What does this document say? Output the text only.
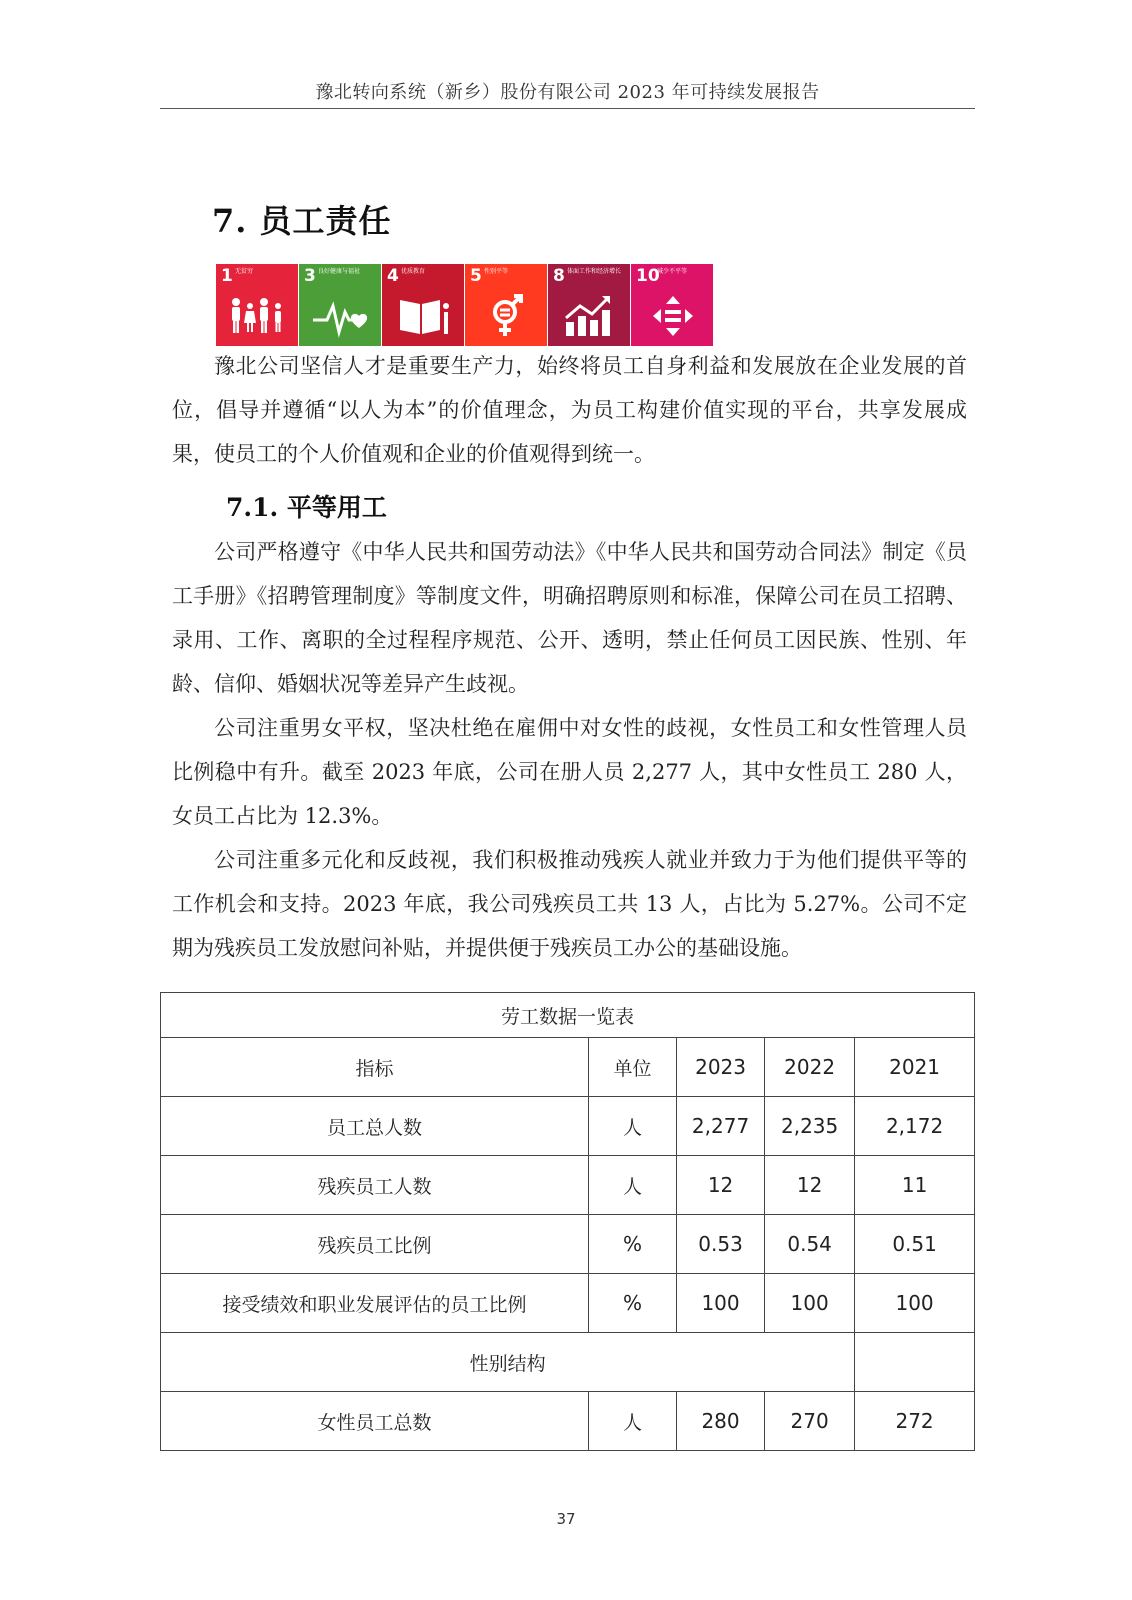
豫北转向系统（新乡）股份有限公司 2023 年可持续发展报告
7. 员工责任
1 无贫穷	3 良好健康与福祉	4 优质教育	5 性别平等	8 体面工作和经济增长 10
减少不平等

豫北公司坚信人才是重要生产力，始终将员工自身利益和发展放在企业发展的首位，倡导并遵循“以人为本”的价值理念，为员工构建价值实现的平台，共享发展成果，使员工的个人价值观和企业的价值观得到统一。

7.1. 平等用工

公司严格遵守《中华人民共和国劳动法》《中华人民共和国劳动合同法》制定《员工手册》《招聘管理制度》等制度文件，明确招聘原则和标准，保障公司在员工招聘、录用、工作、离职的全过程程序规范、公开、透明，禁止任何员工因民族、性别、年龄、信仰、婚姻状况等差异产生歧视。

公司注重男女平权，坚决杜绝在雇佣中对女性的歧视，女性员工和女性管理人员比例稳中有升。截至 2023 年底，公司在册人员 2,277 人，其中女性员工 280 人，女员工占比为 12.3%。

公司注重多元化和反歧视，我们积极推动残疾人就业并致力于为他们提供平等的工作机会和支持。2023 年底，我公司残疾员工共 13 人，占比为 5.27%。公司不定期为残疾员工发放慰问补贴，并提供便于残疾员工办公的基础设施。

劳工数据一览表				
指标	单位	2023	2022	2021
员工总人数	人	2,277	2,235	2,172
残疾员工人数	人	12	12	11
残疾员工比例	%	0.53	0.54	0.51
接受绩效和职业发展评估的员工比例	%	100	100	100
性别结构				
女性员工总数	人	280	270	272
37
